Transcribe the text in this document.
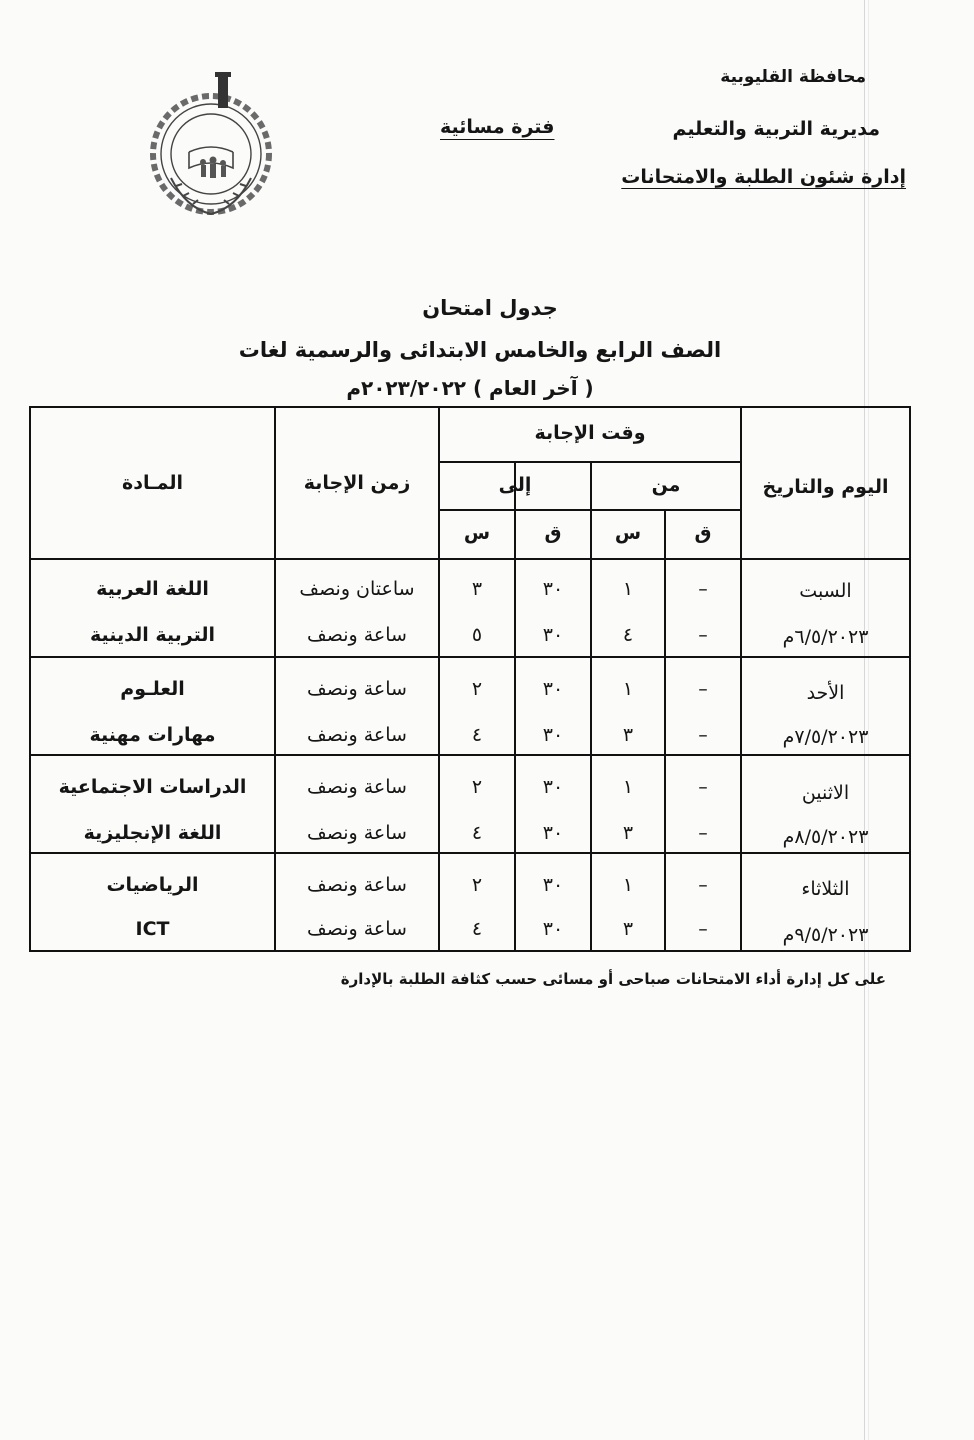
محافظة القليوبية
مديرية التربية والتعليم
إدارة شئون الطلبة والامتحانات
فترة مسائية
جدول امتحان
الصف الرابع والخامس الابتدائى والرسمية لغات
( آخر العام ) ٢٠٢٣/٢٠٢٢م
اليوم والتاريخ
وقت الإجابة
من
إلى
ق
س
ق
س
زمن الإجابة
المـادة
السبت
٦/٥/٢٠٢٣م
–
١
٣٠
٣
ساعتان ونصف
اللغة العربية
–
٤
٣٠
٥
ساعة ونصف
التربية الدينية
الأحد
٧/٥/٢٠٢٣م
–
١
٣٠
٢
ساعة ونصف
العلـوم
–
٣
٣٠
٤
ساعة ونصف
مهارات مهنية
الاثنين
٨/٥/٢٠٢٣م
–
١
٣٠
٢
ساعة ونصف
الدراسات الاجتماعية
–
٣
٣٠
٤
ساعة ونصف
اللغة الإنجليزية
الثلاثاء
٩/٥/٢٠٢٣م
–
١
٣٠
٢
ساعة ونصف
الرياضيات
–
٣
٣٠
٤
ساعة ونصف
ICT
على كل إدارة أداء الامتحانات صباحى أو مسائى حسب كثافة الطلبة بالإدارة
